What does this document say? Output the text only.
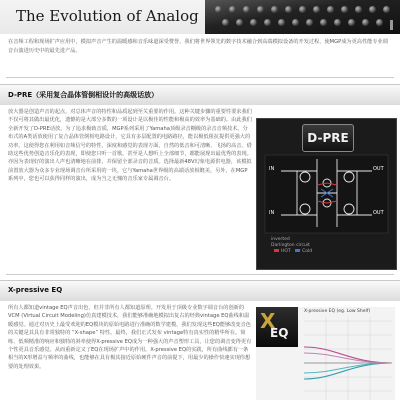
The Evolution of Analog
在音频工程和现场扩声应用中，模拟声音产生的温暖感和音乐味道深受赞誉。我们将世界领先的数字技术融合到高端模拟设备的开发过程，使MGP成为更高性能专业调音台演进历史中的最先进产品。
D-PRE（采用复合晶体管倒相设计的高级话放）
放大器是创造声音的起点，对总体声音的特性和品质起到至关重要的作用。这种关键步骤的重要性要求我们不仅可将其做出最优化，遗憾的是大部分多数的一项设计是以极佳的性能和极高的效率为基础的。由此我们全新开发了D-PRE话放。为了追求极致音质，MGP系列采用了Yamaha顶级录音棚级的录音音频技术，分布式的A类话放使用了复合晶体管倒相电路设计，它具有多层配置的电路路径，能以极低阻抗提供更强大的功率。这使得您在利用如音频信号的特性，深度和感觉的表现方面，自然的低音和可清晰、飞扬的高音。借助这些优势创造音乐化的表现，即使您只听一首歌，甚至是人想听上全部细节，都能展现出最优秀的表现。亦因为表现好的演出人声也清晰地在前排，并保留全部录音的音质。选择最新48V幻象电源供电器，该模拟前置放大器为众多专业现场调音台所采用的一块，它与Yamaha世界级的高端话放相媲美。另外，在MGP系列中，您也可以获得同样的演出，成为当之无愧的音乐家专属调音台。
D-PRE
IN	OUT
IN	OUT
inverted
Darlington circuit
HOT	Cold
X-pressive EQ
所有人都知道vintage EQ声音出色，但并非所有人都知道原理。开发用于顶级专业数字调音台的创新的 VCM (Virtual Circuit Modeling)仿真建模技术，我们能够准确地模拟出复古的经典vintage EQ曲线和温暖感觉。通过对历史上最受欢迎的EQ模块的原始电路进行准确的数学建模，我们发现这些EQ能够改变音色的关键是其具有非常独特的 “X-shape” 特性。最终，我们正式发布 vintage特有真实性的精华所在。简练、低频精准的响应和独特的斜率使得X-pressive EQ成为一种强大的声音塑形工具，让您的调音变得更有个性更具音乐感觉。从而重新定义了EQ在现场扩声中的作用。X-pressive EQ的实践，所有曲线都有一条相当的X形增益与频率的曲线，也能够在具有极其接近原始硬件声音的前提下，用最少的操作快速实现你想要的处理效果。
X
EQ
X-pressive EQ (eg. Low Shelf)
